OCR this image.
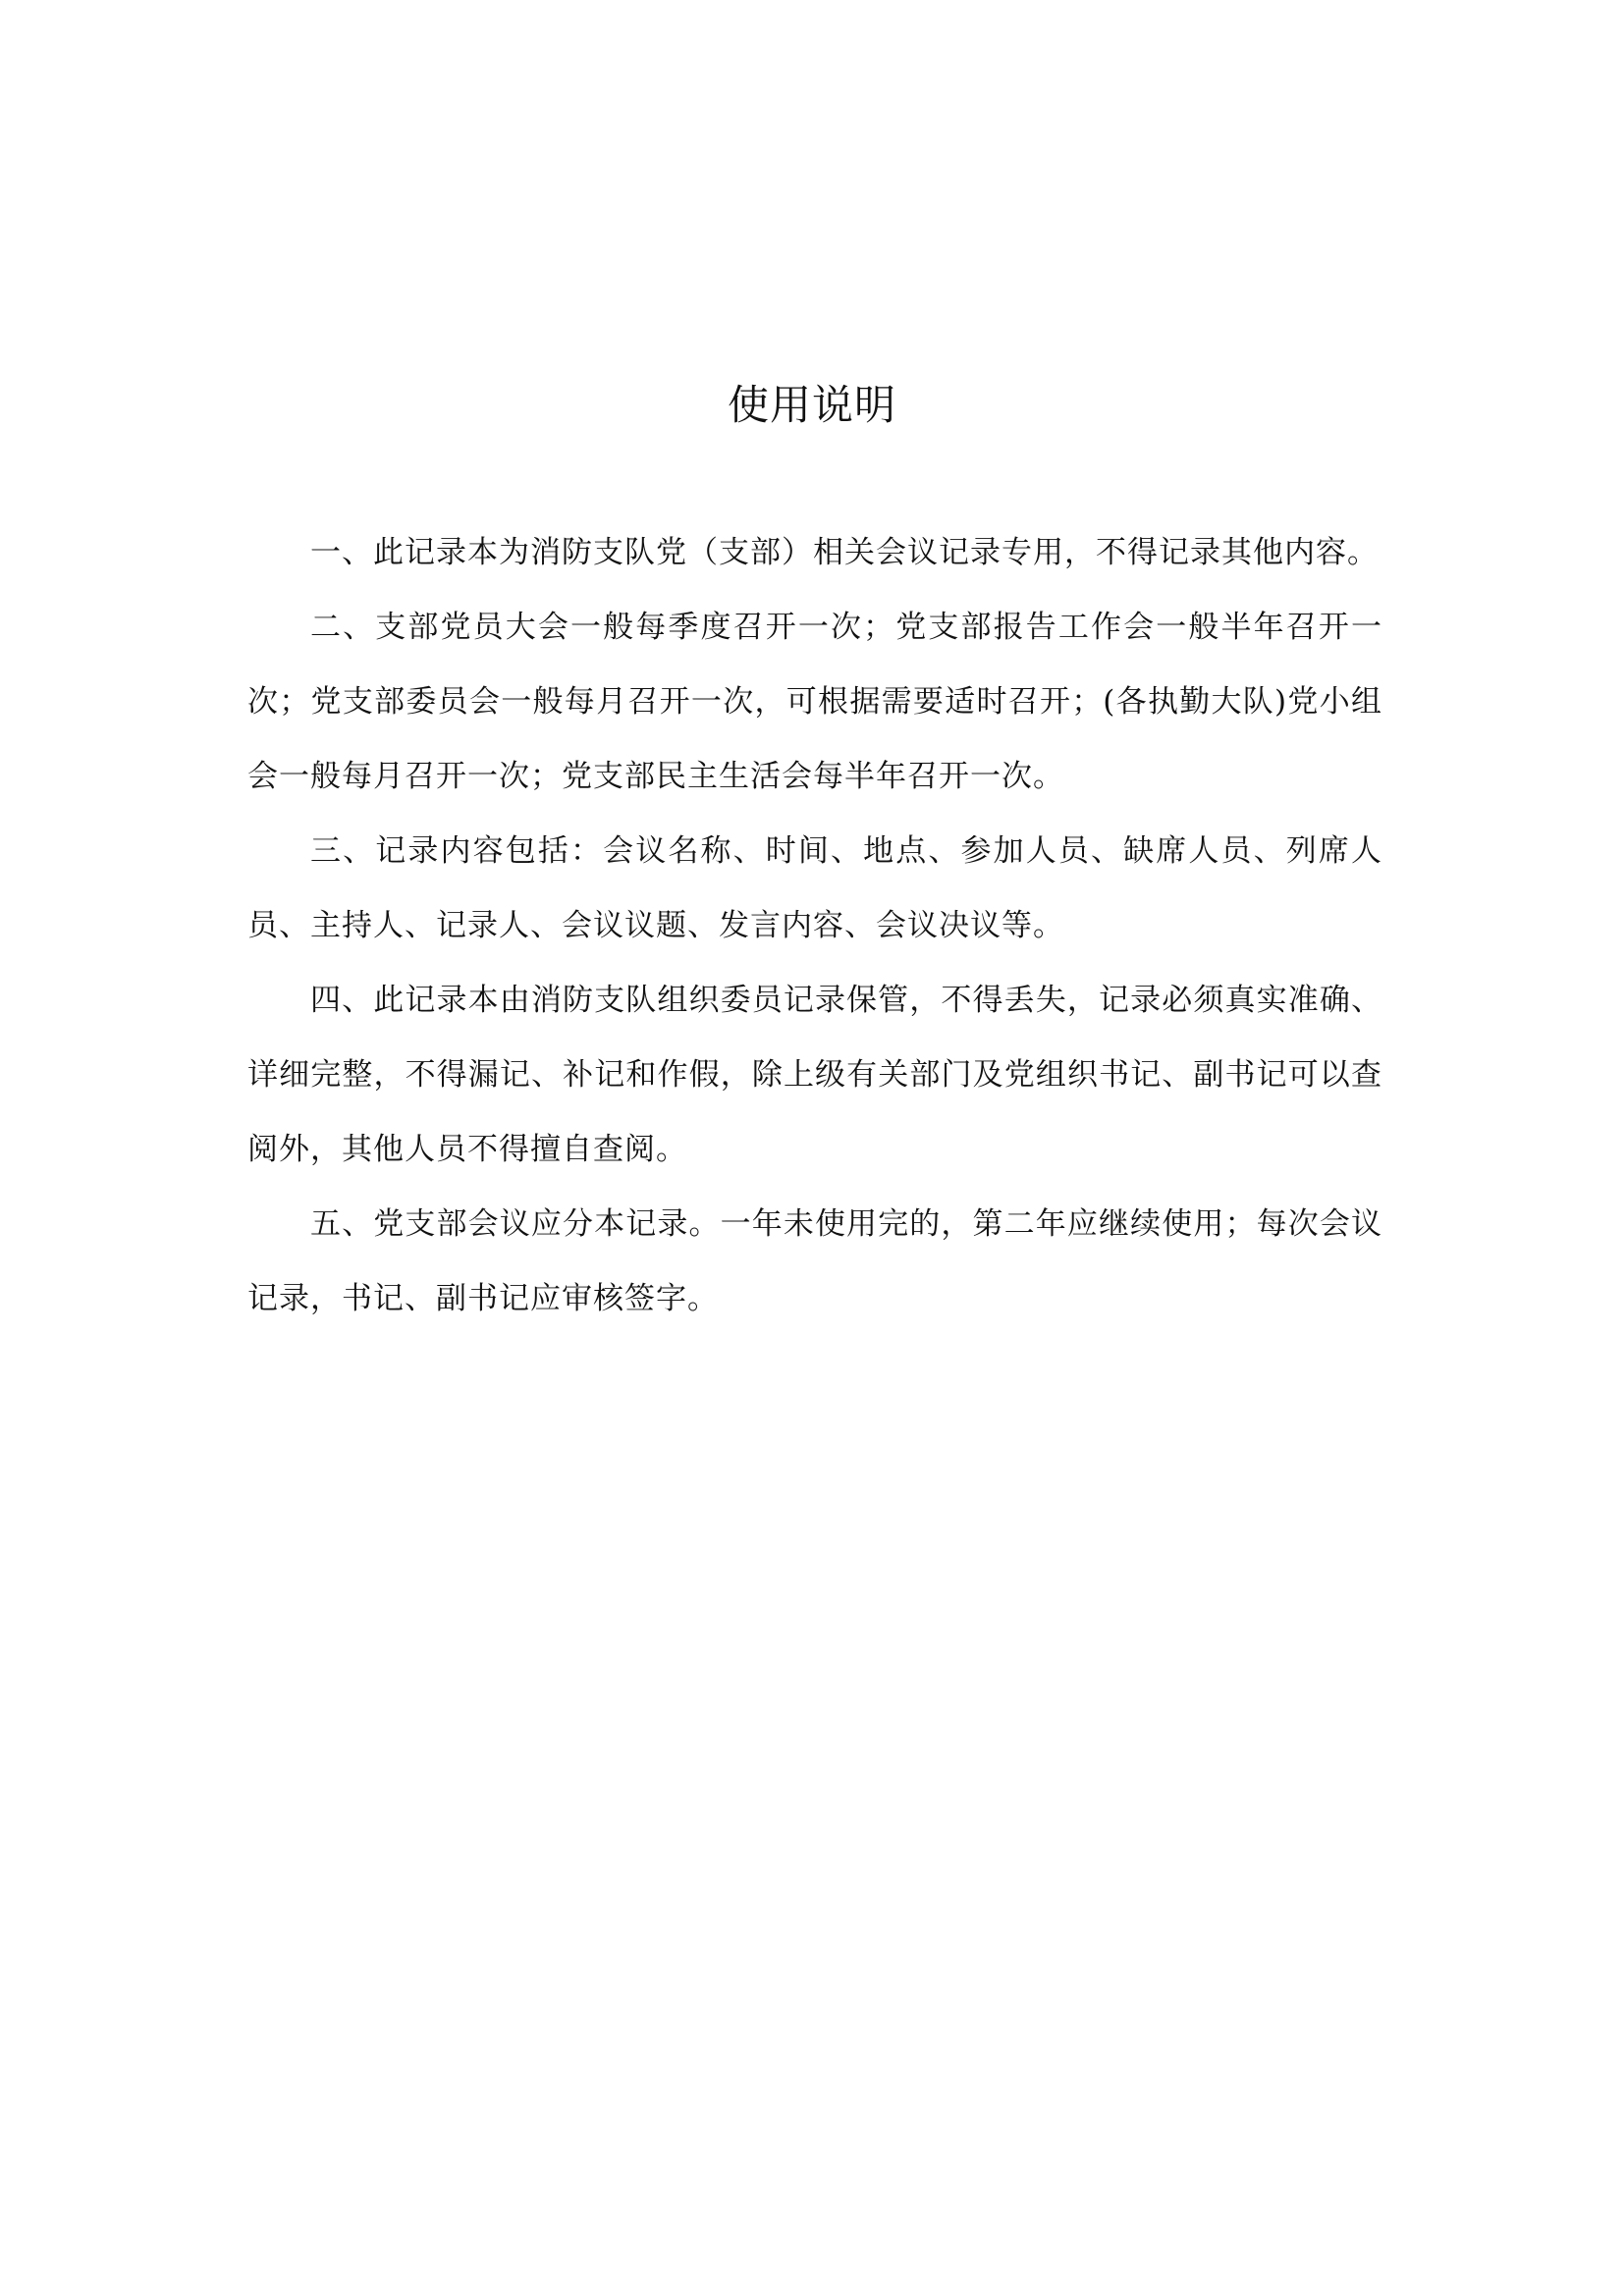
使用说明

一、此记录本为消防支队党（支部）相关会议记录专用，不得记录其他内容。

二、支部党员大会一般每季度召开一次；党支部报告工作会一般半年召开一次；党支部委员会一般每月召开一次，可根据需要适时召开；(各执勤大队)党小组会一般每月召开一次；党支部民主生活会每半年召开一次。

三、记录内容包括：会议名称、时间、地点、参加人员、缺席人员、列席人员、主持人、记录人、会议议题、发言内容、会议决议等。

四、此记录本由消防支队组织委员记录保管，不得丢失，记录必须真实准确、详细完整，不得漏记、补记和作假，除上级有关部门及党组织书记、副书记可以查阅外，其他人员不得擅自查阅。

五、党支部会议应分本记录。一年未使用完的，第二年应继续使用；每次会议记录，书记、副书记应审核签字。
